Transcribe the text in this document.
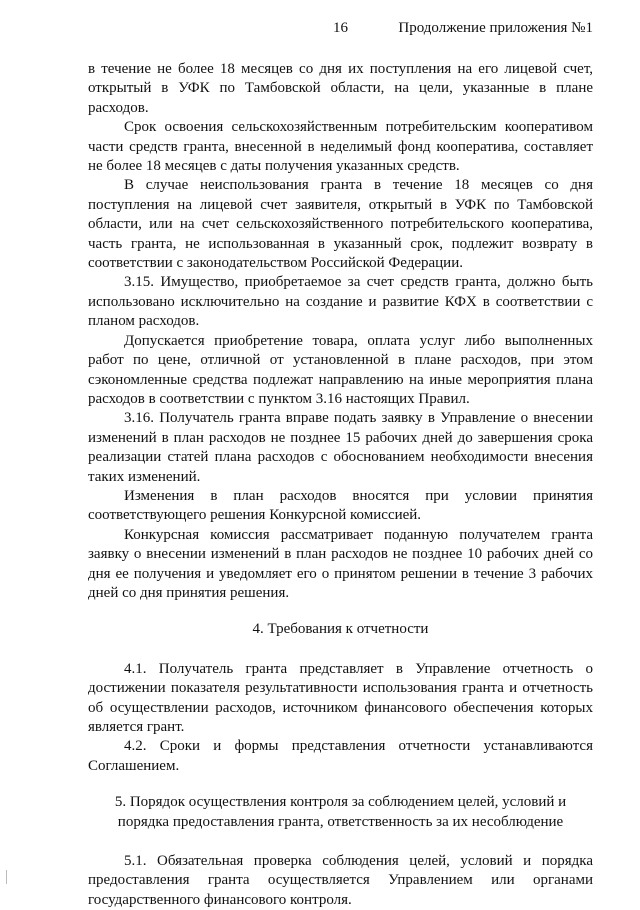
16	Продолжение приложения №1

в течение не более 18 месяцев со дня их поступления на его лицевой счет, открытый в УФК по Тамбовской области, на цели, указанные в плане расходов.

Срок освоения сельскохозяйственным потребительским кооперативом части средств гранта, внесенной в неделимый фонд кооператива, составляет не более 18 месяцев с даты получения указанных средств.

В случае неиспользования гранта в течение 18 месяцев со дня поступления на лицевой счет заявителя, открытый в УФК по Тамбовской области, или на счет сельскохозяйственного потребительского кооператива, часть гранта, не использованная в указанный срок, подлежит возврату в соответствии с законодательством Российской Федерации.

3.15. Имущество, приобретаемое за счет средств гранта, должно быть использовано исключительно на создание и развитие КФХ в соответствии с планом расходов.

Допускается приобретение товара, оплата услуг либо выполненных работ по цене, отличной от установленной в плане расходов, при этом сэкономленные средства подлежат направлению на иные мероприятия плана расходов в соответствии с пунктом 3.16 настоящих Правил.

3.16. Получатель гранта вправе подать заявку в Управление о внесении изменений в план расходов не позднее 15 рабочих дней до завершения срока реализации статей плана расходов с обоснованием необходимости внесения таких изменений.

Изменения в план расходов вносятся при условии принятия соответствующего решения Конкурсной комиссией.

Конкурсная комиссия рассматривает поданную получателем гранта заявку о внесении изменений в план расходов не позднее 10 рабочих дней со дня ее получения и уведомляет его о принятом решении в течение 3 рабочих дней со дня принятия решения.

4. Требования к отчетности

4.1. Получатель гранта представляет в Управление отчетность о достижении показателя результативности использования гранта и отчетность об осуществлении расходов, источником финансового обеспечения которых является грант.

4.2. Сроки и формы представления отчетности устанавливаются Соглашением.

5. Порядок осуществления контроля за соблюдением целей, условий и
порядка предоставления гранта, ответственность за их несоблюдение

5.1. Обязательная проверка соблюдения целей, условий и порядка предоставления гранта осуществляется Управлением или органами государственного финансового контроля.
